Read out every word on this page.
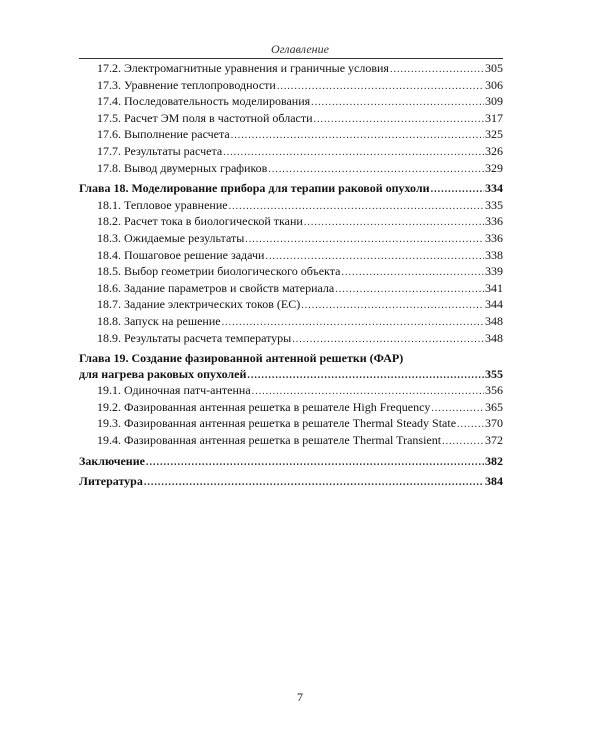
Оглавление
17.2. Электромагнитные уравнения и граничные условия .....	305
17.3. Уравнение теплопроводности .....	306
17.4. Последовательность моделирования .....	309
17.5. Расчет ЭМ поля в частотной области .....	317
17.6. Выполнение расчета .....	325
17.7. Результаты расчета .....	326
17.8. Вывод двумерных графиков .....	329
Глава 18. Моделирование прибора для терапии раковой опухоли .....	334
18.1. Тепловое уравнение .....	335
18.2. Расчет тока в биологической ткани .....	336
18.3. Ожидаемые результаты .....	336
18.4. Пошаговое решение задачи .....	338
18.5. Выбор геометрии биологического объекта .....	339
18.6. Задание параметров и свойств материала .....	341
18.7. Задание электрических токов (EC) .....	344
18.8. Запуск на решение .....	348
18.9. Результаты расчета температуры .....	348
Глава 19. Создание фазированной антенной решетки (ФАР)
для нагрева раковых опухолей .....	355
19.1. Одиночная патч-антенна .....	356
19.2. Фазированная антенная решетка в решателе High Frequency .....	365
19.3. Фазированная антенная решетка в решателе Thermal Steady State ..... 370
19.4. Фазированная антенная решетка в решателе Thermal Transient .....	372
Заключение .....	382
Литература .....	384
7
